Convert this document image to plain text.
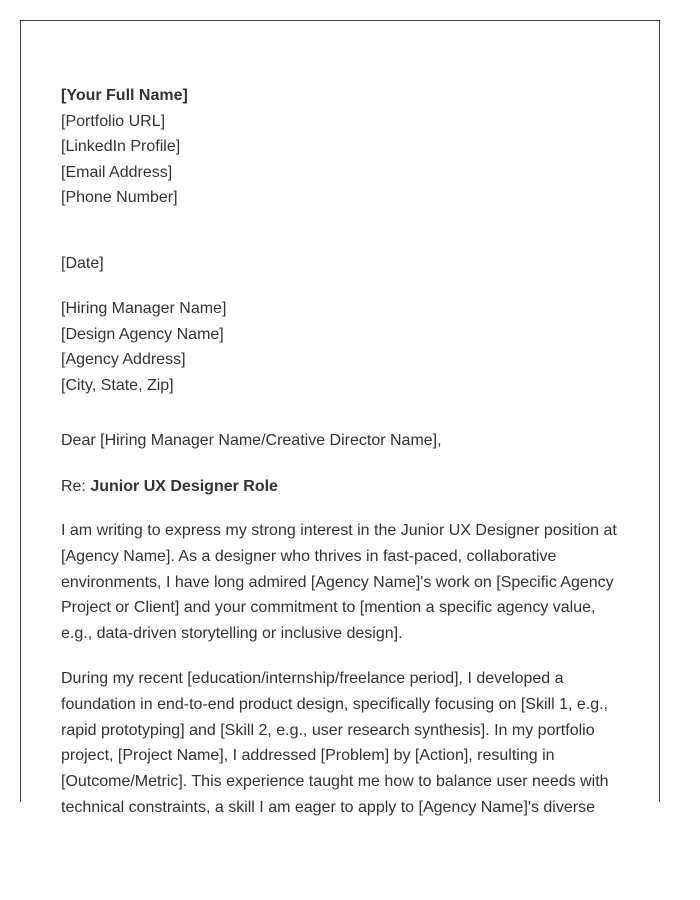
[Your Full Name]
[Portfolio URL]
[LinkedIn Profile]
[Email Address]
[Phone Number]
[Date]
[Hiring Manager Name]
[Design Agency Name]
[Agency Address]
[City, State, Zip]
Dear [Hiring Manager Name/Creative Director Name],
Re: Junior UX Designer Role

I am writing to express my strong interest in the Junior UX Designer position at [Agency Name]. As a designer who thrives in fast-paced, collaborative environments, I have long admired [Agency Name]'s work on [Specific Agency Project or Client] and your commitment to [mention a specific agency value, e.g., data-driven storytelling or inclusive design].

During my recent [education/internship/freelance period], I developed a foundation in end-to-end product design, specifically focusing on [Skill 1, e.g., rapid prototyping] and [Skill 2, e.g., user research synthesis]. In my portfolio project, [Project Name], I addressed [Problem] by [Action], resulting in [Outcome/Metric]. This experience taught me how to balance user needs with technical constraints, a skill I am eager to apply to [Agency Name]'s diverse
